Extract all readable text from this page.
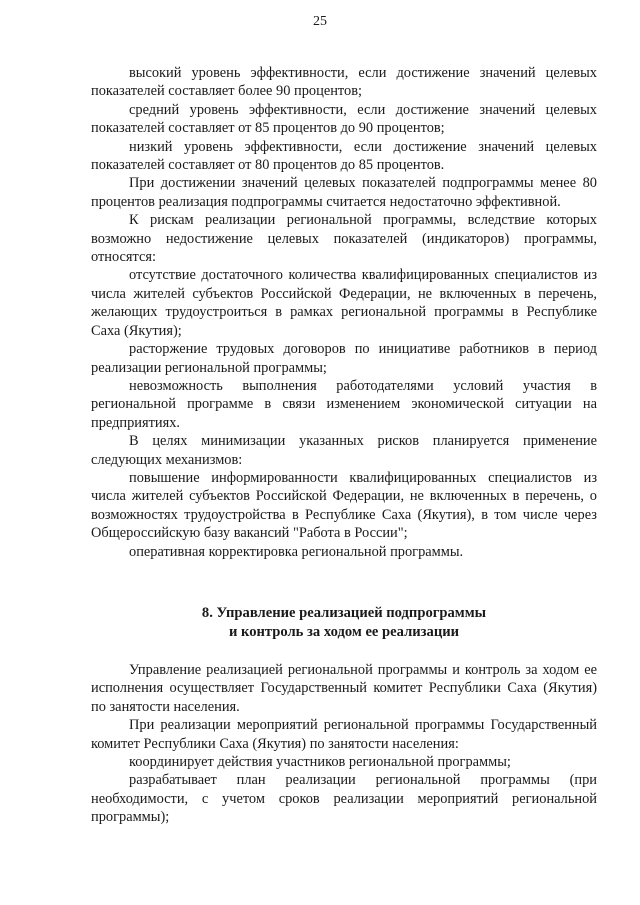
25

высокий уровень эффективности, если достижение значений целевых показателей составляет более 90 процентов;

средний уровень эффективности, если достижение значений целевых показателей составляет от 85 процентов до 90 процентов;

низкий уровень эффективности, если достижение значений целевых показателей составляет от 80 процентов до 85 процентов.

При достижении значений целевых показателей подпрограммы менее 80 процентов реализация подпрограммы считается недостаточно эффективной.

К рискам реализации региональной программы, вследствие которых возможно недостижение целевых показателей (индикаторов) программы, относятся:

отсутствие достаточного количества квалифицированных специалистов из числа жителей субъектов Российской Федерации, не включенных в перечень, желающих трудоустроиться в рамках региональной программы в Республике Саха (Якутия);

расторжение трудовых договоров по инициативе работников в период реализации региональной программы;

невозможность выполнения работодателями условий участия в региональной программе в связи изменением экономической ситуации на предприятиях.

В целях минимизации указанных рисков планируется применение следующих механизмов:

повышение информированности квалифицированных специалистов из числа жителей субъектов Российской Федерации, не включенных в перечень, о возможностях трудоустройства в Республике Саха (Якутия), в том числе через Общероссийскую базу вакансий "Работа в России";

оперативная корректировка региональной программы.

8. Управление реализацией подпрограммы
и контроль за ходом ее реализации

Управление реализацией региональной программы и контроль за ходом ее исполнения осуществляет Государственный комитет Республики Саха (Якутия) по занятости населения.

При реализации мероприятий региональной программы Государственный комитет Республики Саха (Якутия) по занятости населения:

координирует действия участников региональной программы;

разрабатывает план реализации региональной программы (при необходимости, с учетом сроков реализации мероприятий региональной программы);
